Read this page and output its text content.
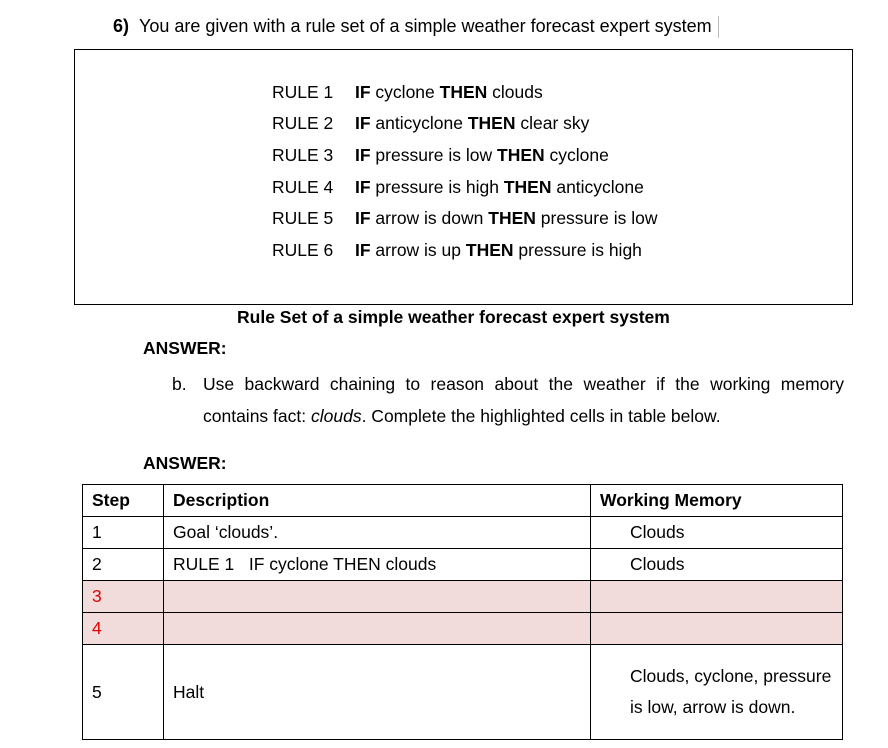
6) You are given with a rule set of a simple weather forecast expert system
RULE 1 IF cyclone THEN clouds
RULE 2 IF anticyclone THEN clear sky
RULE 3 IF pressure is low THEN cyclone
RULE 4 IF pressure is high THEN anticyclone
RULE 5 IF arrow is down THEN pressure is low
RULE 6 IF arrow is up THEN pressure is high
Rule Set of a simple weather forecast expert system
ANSWER:
b. Use backward chaining to reason about the weather if the working memory contains fact: clouds. Complete the highlighted cells in table below.
ANSWER:
Step	Description	Working Memory
1	Goal ‘clouds’.	Clouds
2	RULE 1   IF cyclone THEN clouds	Clouds
3		
4		
5	Halt	Clouds, cyclone, pressure is low, arrow is down.
